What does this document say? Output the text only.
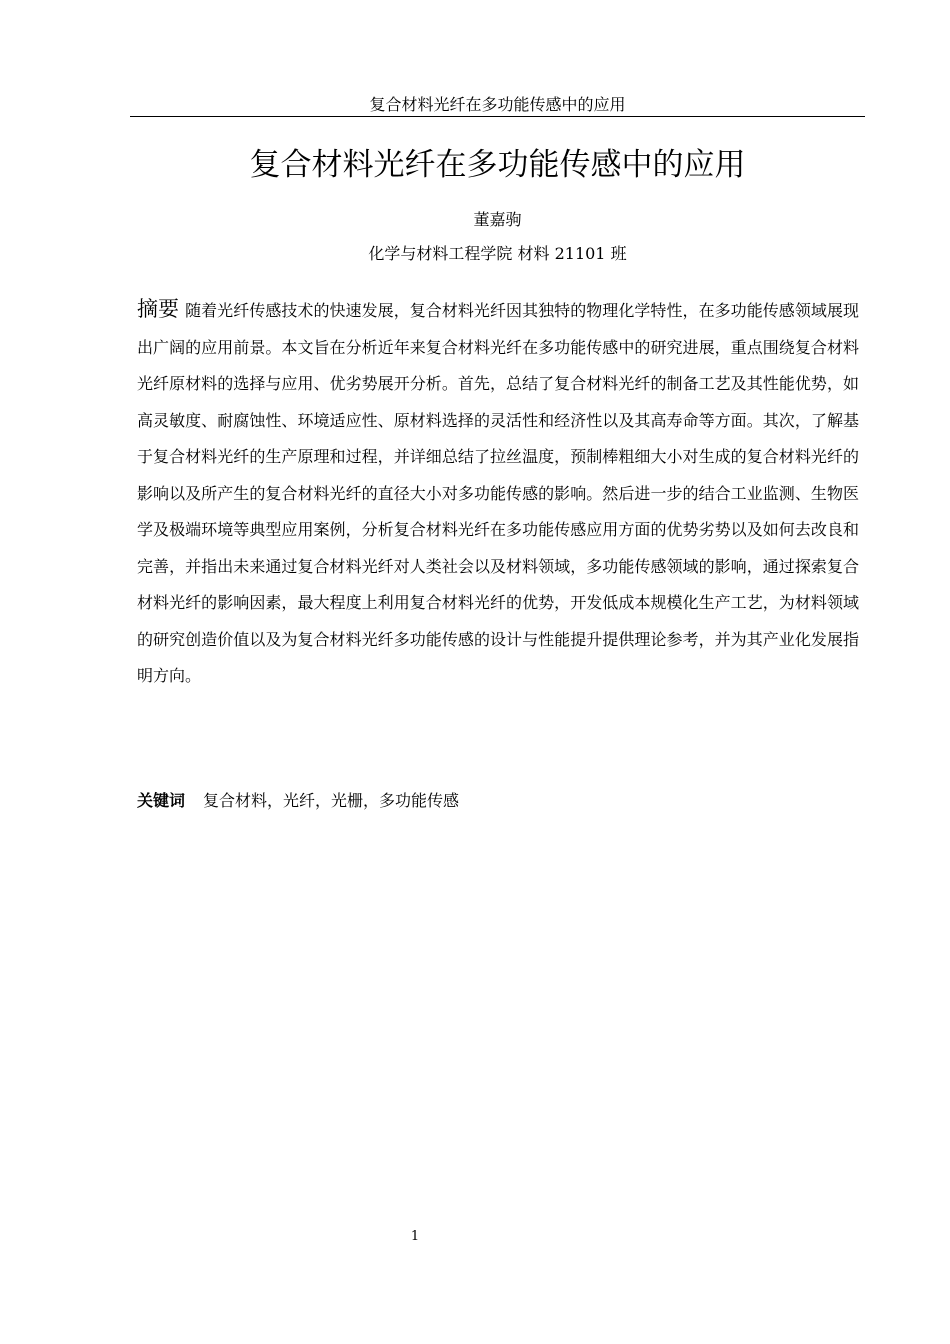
复合材料光纤在多功能传感中的应用
复合材料光纤在多功能传感中的应用
董嘉驹
化学与材料工程学院 材料 21101 班

摘要 随着光纤传感技术的快速发展，复合材料光纤因其独特的物理化学特性，在多功能传感领域展现出广阔的应用前景。本文旨在分析近年来复合材料光纤在多功能传感中的研究进展，重点围绕复合材料光纤原材料的选择与应用、优劣势展开分析。首先，总结了复合材料光纤的制备工艺及其性能优势，如高灵敏度、耐腐蚀性、环境适应性、原材料选择的灵活性和经济性以及其高寿命等方面。其次，了解基于复合材料光纤的生产原理和过程，并详细总结了拉丝温度，预制棒粗细大小对生成的复合材料光纤的影响以及所产生的复合材料光纤的直径大小对多功能传感的影响。然后进一步的结合工业监测、生物医学及极端环境等典型应用案例，分析复合材料光纤在多功能传感应用方面的优势劣势以及如何去改良和完善，并指出未来通过复合材料光纤对人类社会以及材料领域，多功能传感领域的影响，通过探索复合材料光纤的影响因素，最大程度上利用复合材料光纤的优势，开发低成本规模化生产工艺，为材料领域的研究创造价值以及为复合材料光纤多功能传感的设计与性能提升提供理论参考，并为其产业化发展指明方向。

关键词 复合材料，光纤，光栅，多功能传感
1
